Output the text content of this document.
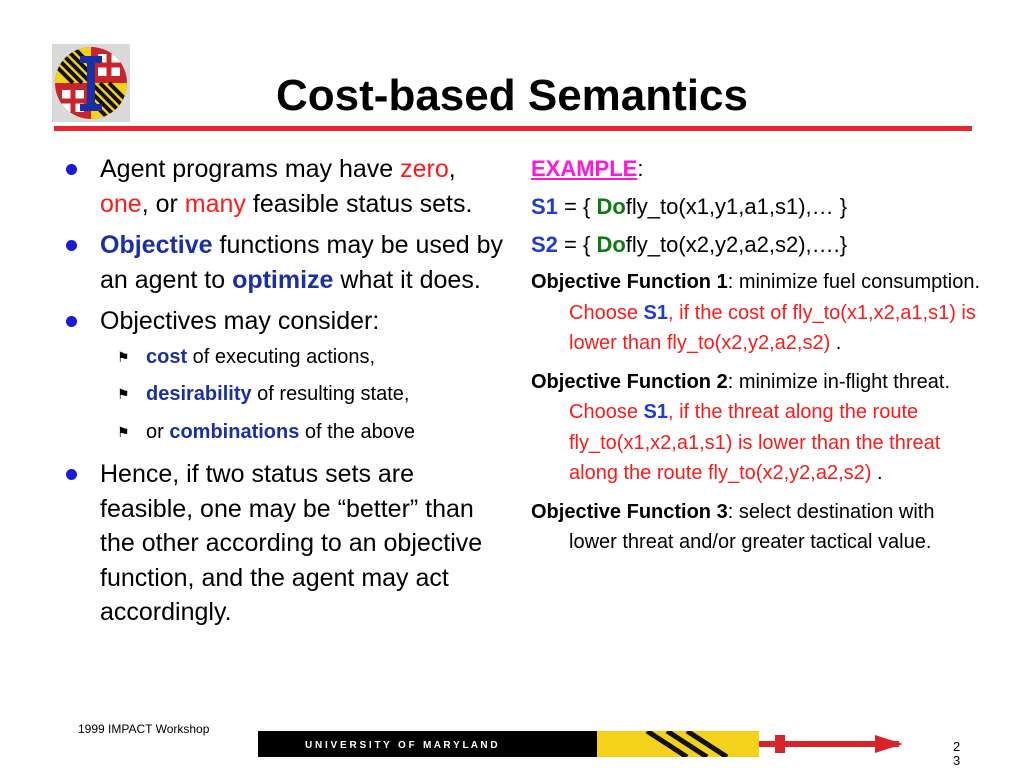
Cost-based Semantics
Agent programs may have zero, one, or many feasible status sets.
Objective functions may be used by an agent to optimize what it does.
Objectives may consider:
⚑ cost of executing actions,
⚑ desirability of resulting state,
⚑ or combinations of the above
Hence, if two status sets are feasible, one may be “better” than the other according to an objective function, and the agent may act accordingly.
EXAMPLE:
S1 = { Dofly_to(x1,y1,a1,s1),… }
S2 = { Dofly_to(x2,y2,a2,s2),….}
Objective Function 1: minimize fuel consumption. Choose S1, if the cost of fly_to(x1,x2,a1,s1) is lower than fly_to(x2,y2,a2,s2) .
Objective Function 2: minimize in-flight threat. Choose S1, if the threat along the route fly_to(x1,x2,a1,s1) is lower than the threat along the route fly_to(x2,y2,a2,s2) .
Objective Function 3: select destination with lower threat and/or greater tactical value.
1999 IMPACT Workshop
U N I V E R S I T Y   O F   M A R Y L A N D	2
3
